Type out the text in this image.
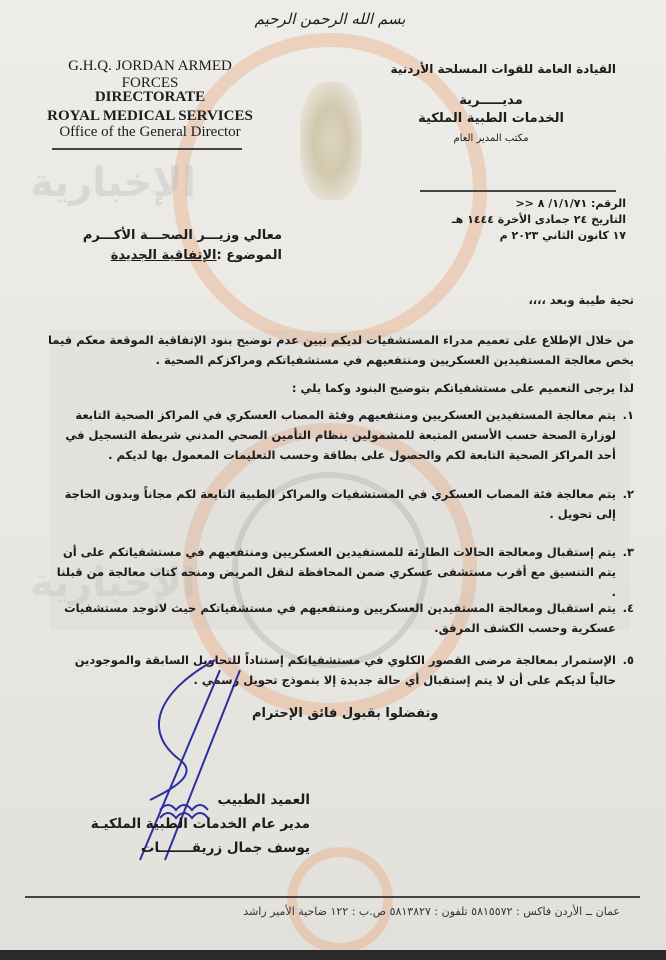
الإخبارية
الإخبارية
بسم الله الرحمن الرحيم
G.H.Q. JORDAN ARMED FORCES
DIRECTORATE
ROYAL MEDICAL SERVICES
Office of the General Director
القيادة العامة للقوات المسلحة الأردنية
مديـــــرية
الخدمات الطبية الملكية
مكتب المدير العام
الرقم: ١/١/٧١/ ٨ <<
التاريخ ٢٤ جمادى الأخرة ١٤٤٤ هـ
١٧ كانون الثاني ٢٠٢٣ م
معالي وزيـــر الصحـــة الأكـــرم
الموضوع :الإتفاقية الجديدة
تحية طيبة وبعد ،،،،
من خلال الإطلاع على تعميم مدراء المستشفيات لديكم تبين عدم توضيح بنود الإتفاقية الموقعة معكم فيما يخص معالجة المستفيدين العسكريين ومنتفعيهم في مستشفياتكم ومراكزكم الصحية .
لذا يرجى التعميم على مستشفياتكم بتوضيح البنود وكما يلي :
١.
يتم معالجة المستفيدين العسكريين ومنتفعيهم وفئة المصاب العسكري في المراكز الصحية التابعة لوزارة الصحة حسب الأسس المتبعة للمشمولين بنظام التأمين الصحي المدني شريطة التسجيل في أحد المراكز الصحية التابعة لكم والحصول على بطاقة وحسب التعليمات المعمول بها لديكم .
٢.
يتم معالجة فئة المصاب العسكري في المستشفيات والمراكز الطبية التابعة لكم مجاناً وبدون الحاجة إلى تحويل .
٣.
يتم إستقبال ومعالجة الحالات الطارئة للمستفيدين العسكريين ومنتفعيهم في مستشفياتكم على أن يتم التنسيق مع أقرب مستشفى عسكري ضمن المحافظة لنقل المريض ومنحه كتاب معالجة من قبلنا .
٤.
يتم استقبال ومعالجة المستفيدين العسكريين ومنتفعيهم في مستشفياتكم حيث لاتوجد مستشفيات عسكرية وحسب الكشف المرفق.
٥.
الإستمرار بمعالجة مرضى القصور الكلوي في مستشفياتكم إستناداً للتحاويل السابقة والموجودين حالياً لديكم على أن لا يتم إستقبال أي حالة جديدة إلا بنموذج تحويل رسمي .
وتفضلوا بقبول فائق الإحترام
العميد الطبيب
مدير عام الخدمات الطبية الملكيـة
يوسف جمال زريقـــــــات
عمان ــ الأردن فاكس : ٥٨١٥٥٧٢ تلفون : ٥٨١٣٨٢٧ ص.ب : ١٢٢ ضاحية الأمير راشد
